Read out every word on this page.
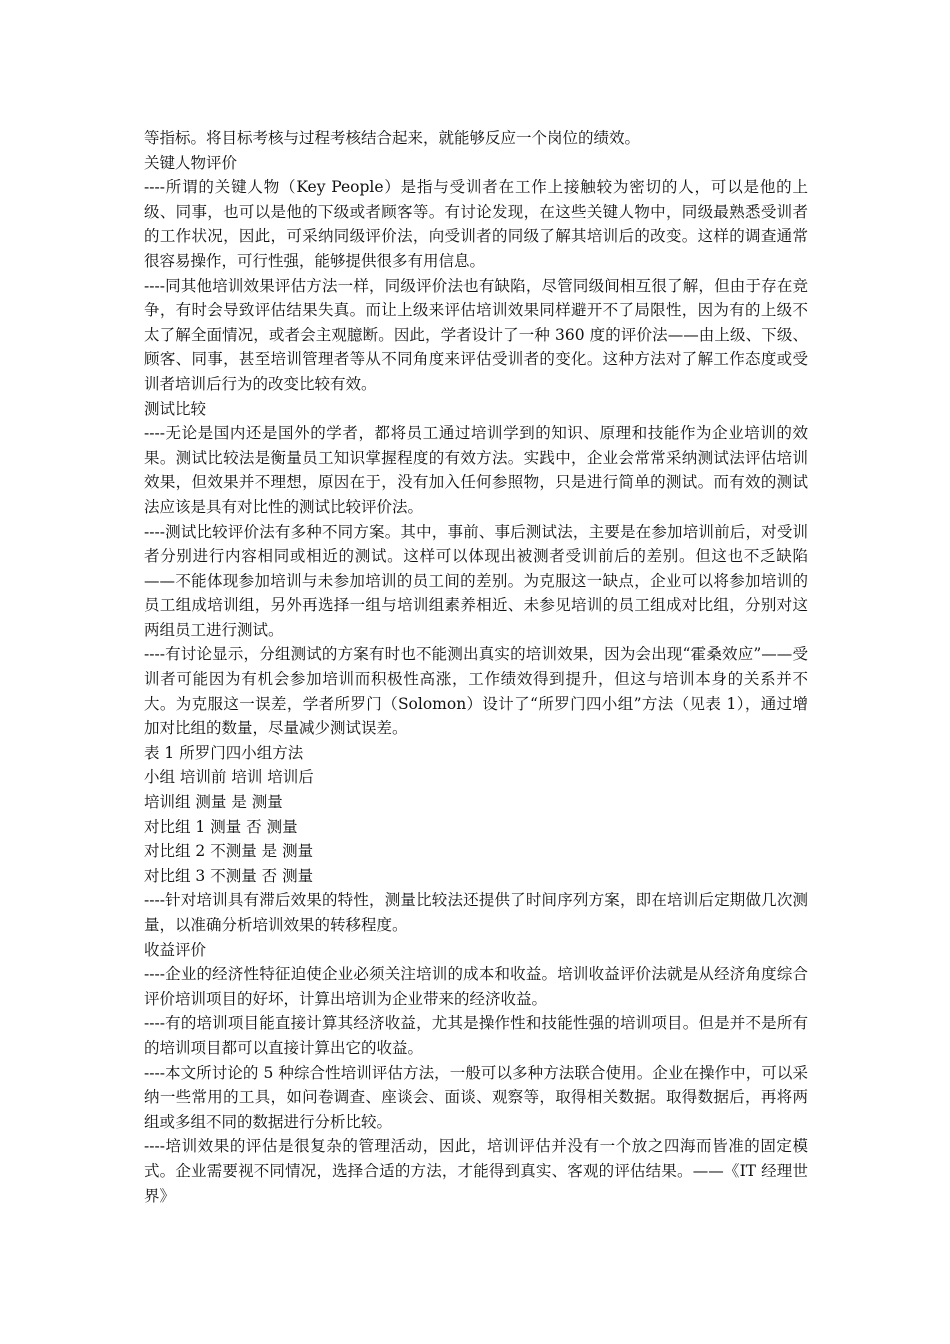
等指标。将目标考核与过程考核结合起来，就能够反应一个岗位的绩效。

关键人物评价

----所谓的关键人物（Key People）是指与受训者在工作上接触较为密切的人，可以是他的上级、同事，也可以是他的下级或者顾客等。有讨论发现，在这些关键人物中，同级最熟悉受训者的工作状况，因此，可采纳同级评价法，向受训者的同级了解其培训后的改变。这样的调查通常很容易操作，可行性强，能够提供很多有用信息。

----同其他培训效果评估方法一样，同级评价法也有缺陷，尽管同级间相互很了解，但由于存在竞争，有时会导致评估结果失真。而让上级来评估培训效果同样避开不了局限性，因为有的上级不太了解全面情况，或者会主观臆断。因此，学者设计了一种 360 度的评价法——由上级、下级、顾客、同事，甚至培训管理者等从不同角度来评估受训者的变化。这种方法对了解工作态度或受训者培训后行为的改变比较有效。

测试比较

----无论是国内还是国外的学者，都将员工通过培训学到的知识、原理和技能作为企业培训的效果。测试比较法是衡量员工知识掌握程度的有效方法。实践中，企业会常常采纳测试法评估培训效果，但效果并不理想，原因在于，没有加入任何参照物，只是进行简单的测试。而有效的测试法应该是具有对比性的测试比较评价法。

----测试比较评价法有多种不同方案。其中，事前、事后测试法，主要是在参加培训前后，对受训者分别进行内容相同或相近的测试。这样可以体现出被测者受训前后的差别。但这也不乏缺陷——不能体现参加培训与未参加培训的员工间的差别。为克服这一缺点，企业可以将参加培训的员工组成培训组，另外再选择一组与培训组素养相近、未参见培训的员工组成对比组，分别对这两组员工进行测试。

----有讨论显示，分组测试的方案有时也不能测出真实的培训效果，因为会出现“霍桑效应”——受训者可能因为有机会参加培训而积极性高涨，工作绩效得到提升，但这与培训本身的关系并不大。为克服这一误差，学者所罗门（Solomon）设计了“所罗门四小组”方法（见表 1），通过增加对比组的数量，尽量减少测试误差。

表 1 所罗门四小组方法

小组 培训前 培训 培训后

培训组 测量 是 测量

对比组 1 测量 否 测量

对比组 2 不测量 是 测量

对比组 3 不测量 否 测量

----针对培训具有滞后效果的特性，测量比较法还提供了时间序列方案，即在培训后定期做几次测量，以准确分析培训效果的转移程度。

收益评价

----企业的经济性特征迫使企业必须关注培训的成本和收益。培训收益评价法就是从经济角度综合评价培训项目的好坏，计算出培训为企业带来的经济收益。

----有的培训项目能直接计算其经济收益，尤其是操作性和技能性强的培训项目。但是并不是所有的培训项目都可以直接计算出它的收益。

----本文所讨论的 5 种综合性培训评估方法，一般可以多种方法联合使用。企业在操作中，可以采纳一些常用的工具，如问卷调查、座谈会、面谈、观察等，取得相关数据。取得数据后，再将两组或多组不同的数据进行分析比较。

----培训效果的评估是很复杂的管理活动，因此，培训评估并没有一个放之四海而皆准的固定模式。企业需要视不同情况，选择合适的方法，才能得到真实、客观的评估结果。——《IT 经理世界》
